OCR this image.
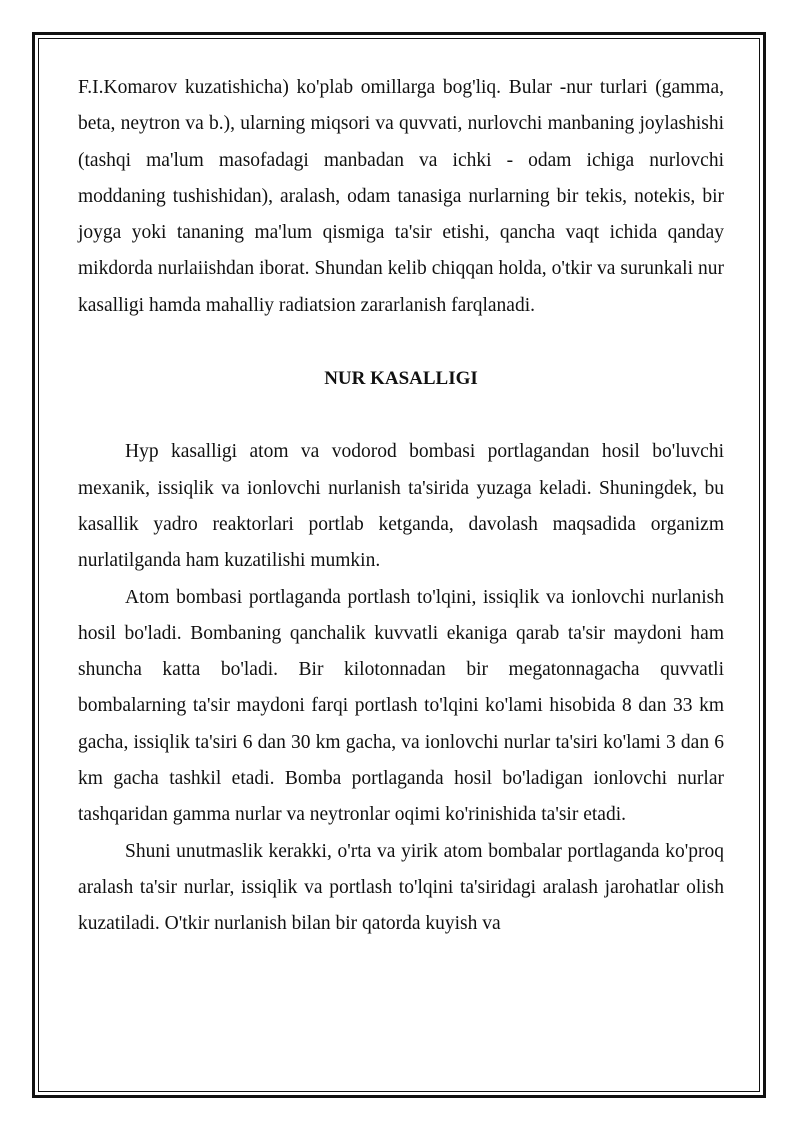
F.I.Komarov kuzatishicha) ko'plab omillarga bog'liq. Bular -nur turlari (gamma, beta, neytron va b.), ularning miqsori va quvvati, nurlovchi manbaning joylashishi (tashqi ma'lum masofadagi manbadan va ichki - odam ichiga nurlovchi moddaning tushishidan), aralash, odam tanasiga nurlarning bir tekis, notekis, bir joyga yoki tananing ma'lum qismiga ta'sir etishi, qancha vaqt ichida qanday mikdorda nurlaiishdan iborat. Shundan kelib chiqqan holda, o'tkir va surunkali nur kasalligi hamda mahalliy radiatsion zararlanish farqlanadi.

NUR KASALLIGI

Hyp kasalligi atom va vodorod bombasi portlagandan hosil bo'luvchi mexanik, issiqlik va ionlovchi nurlanish ta'sirida yuzaga keladi. Shuningdek, bu kasallik yadro reaktorlari portlab ketganda, davolash maqsadida organizm nurlatilganda ham kuzatilishi mumkin.

Atom bombasi portlaganda portlash to'lqini, issiqlik va ionlovchi nurlanish hosil bo'ladi. Bombaning qanchalik kuvvatli ekaniga qarab ta'sir maydoni ham shuncha katta bo'ladi. Bir kilotonnadan bir megatonnagacha quvvatli bombalarning ta'sir maydoni farqi portlash to'lqini ko'lami hisobida 8 dan 33 km gacha, issiqlik ta'siri 6 dan 30 km gacha, va ionlovchi nurlar ta'siri ko'lami 3 dan 6 km gacha tashkil etadi. Bomba portlaganda hosil bo'ladigan ionlovchi nurlar tashqaridan gamma nurlar va neytronlar oqimi ko'rinishida ta'sir etadi.

Shuni unutmaslik kerakki, o'rta va yirik atom bombalar portlaganda ko'proq aralash ta'sir nurlar, issiqlik va portlash to'lqini ta'siridagi aralash jarohatlar olish kuzatiladi. O'tkir nurlanish bilan bir qatorda kuyish va
